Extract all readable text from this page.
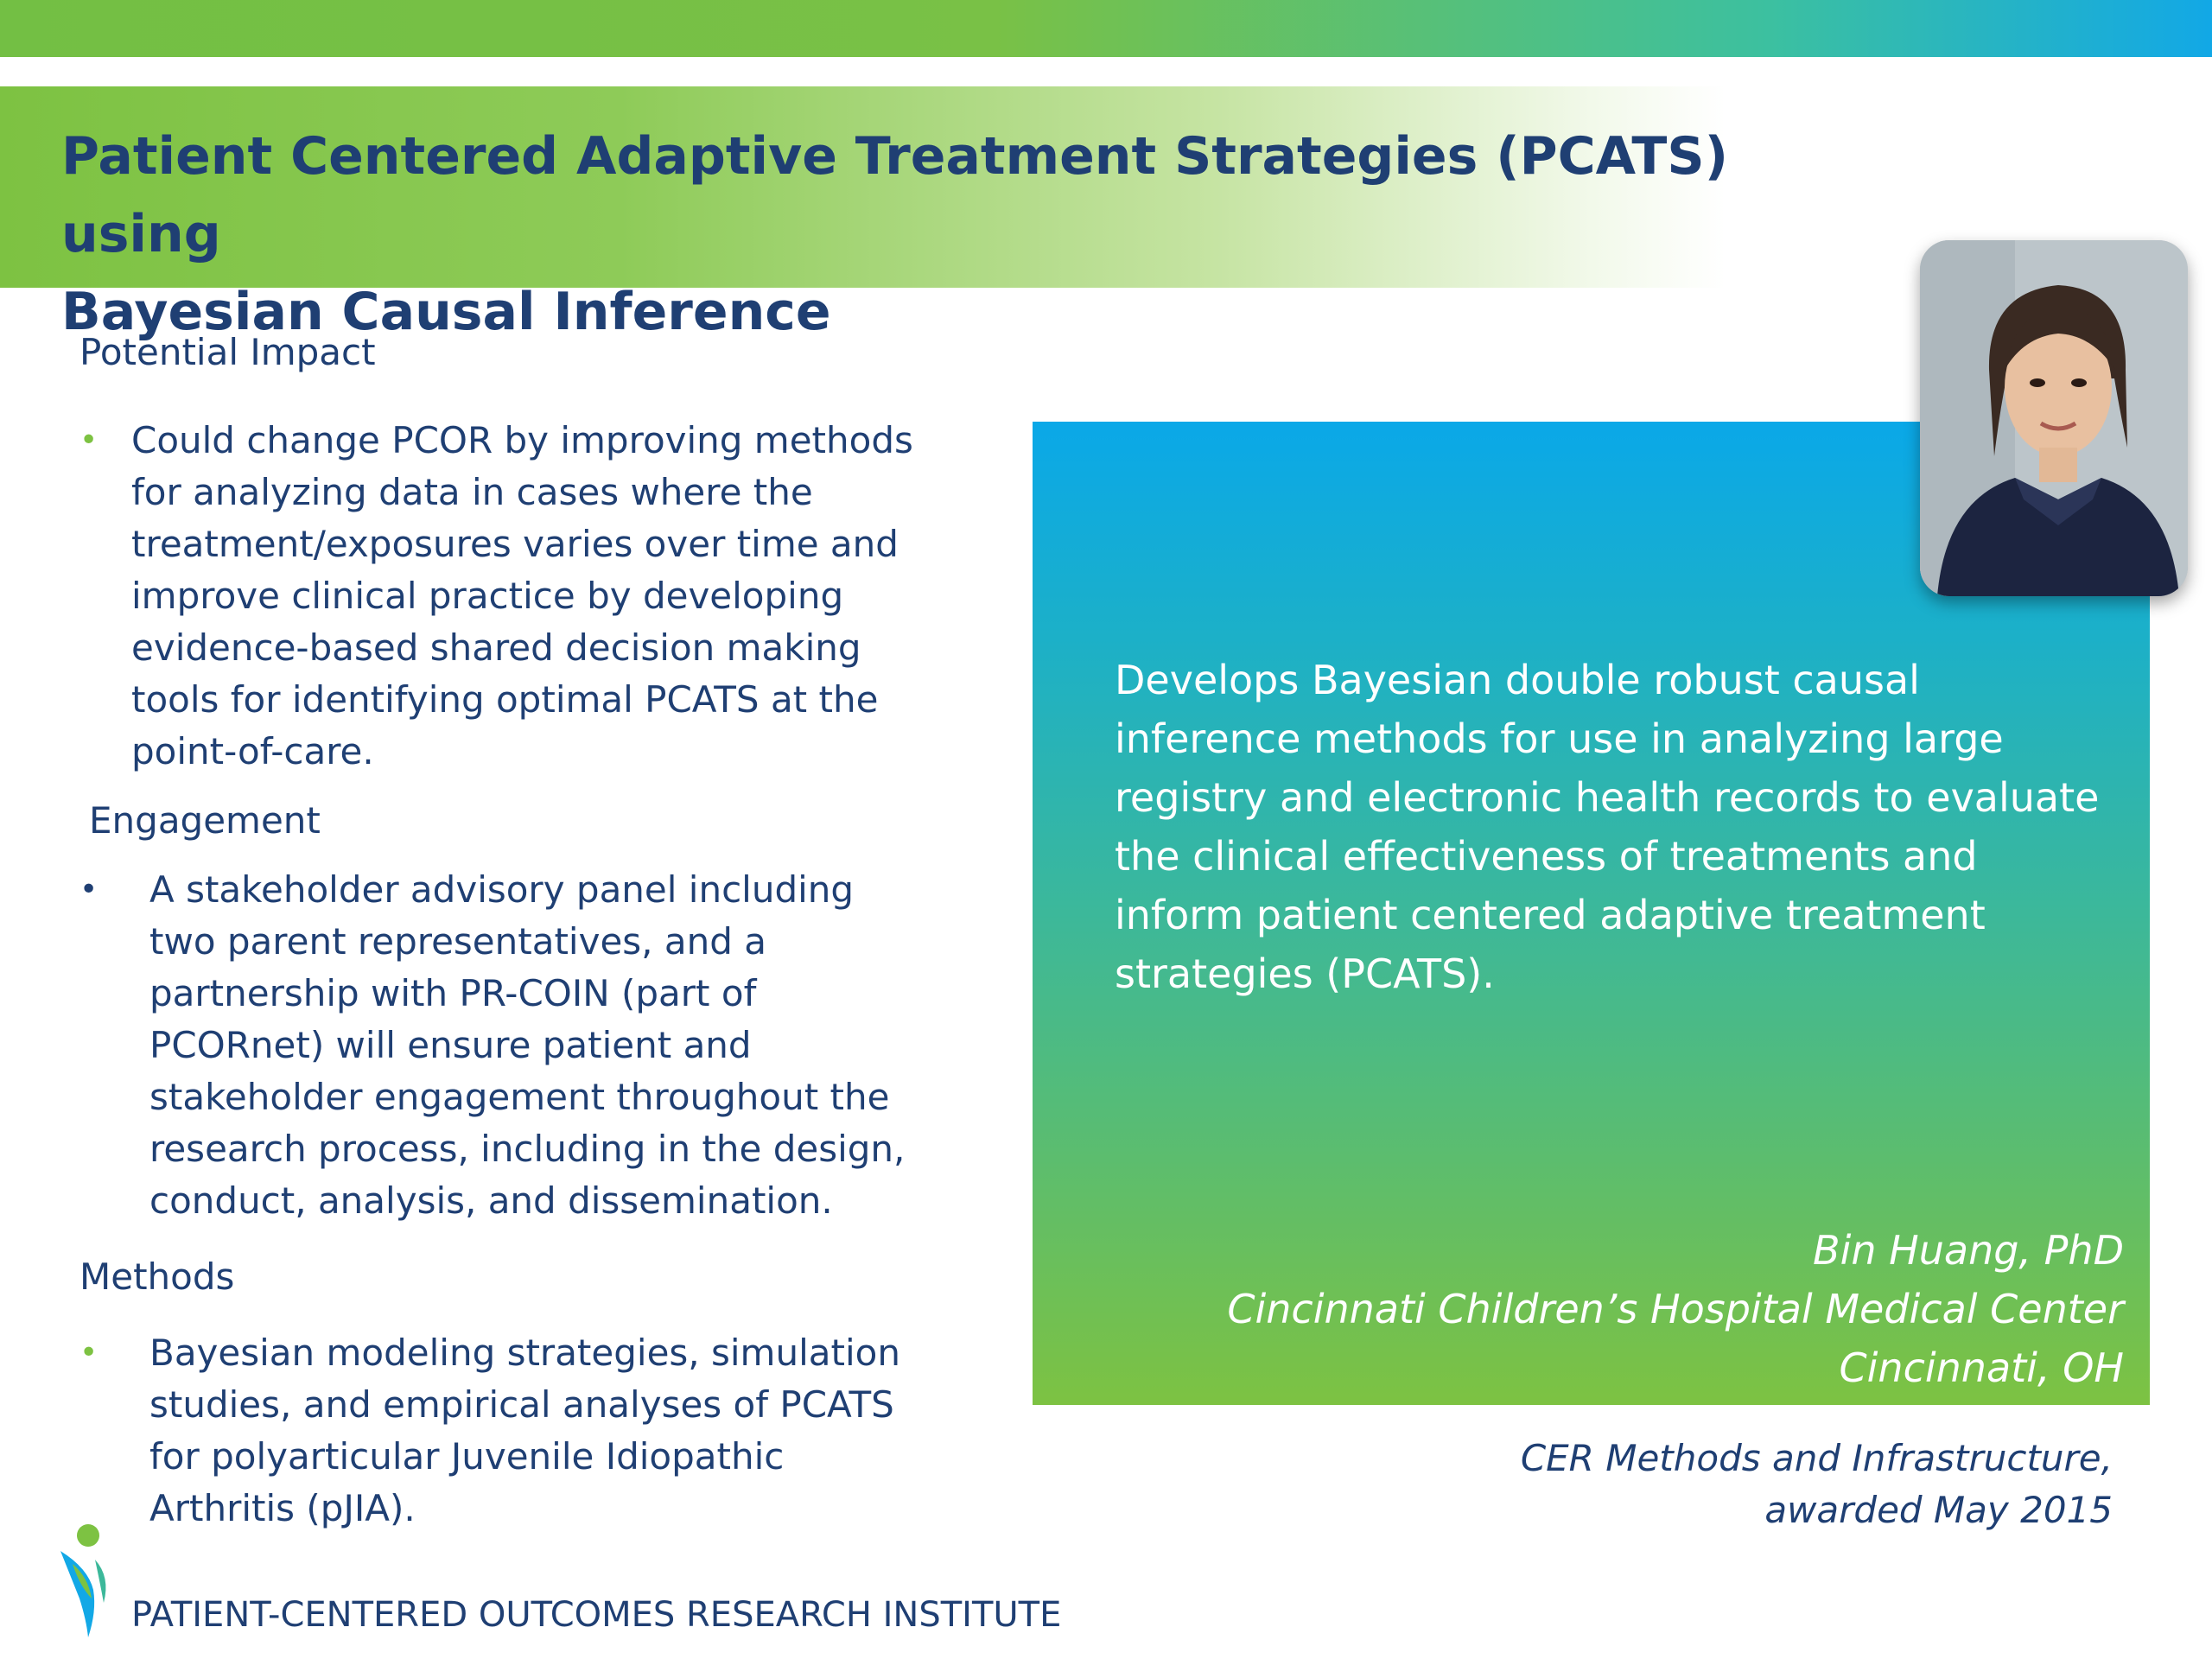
Patient Centered Adaptive Treatment Strategies (PCATS) using
Bayesian Causal Inference
Potential Impact
• Could change PCOR by improving methods for analyzing data in cases where the treatment/exposures varies over time and improve clinical practice by developing evidence-based shared decision making tools for identifying optimal PCATS at the point-of-care.
Engagement
• A stakeholder advisory panel including two parent representatives, and a partnership with PR-COIN (part of PCORnet) will ensure patient and stakeholder engagement throughout the research process, including in the design, conduct, analysis, and dissemination.
Methods
• Bayesian modeling strategies, simulation studies, and empirical analyses of PCATS for polyarticular Juvenile Idiopathic Arthritis (pJIA).
Develops Bayesian double robust causal inference methods for use in analyzing large registry and electronic health records to evaluate the clinical effectiveness of treatments and inform patient centered adaptive treatment strategies (PCATS).
Bin Huang, PhD
Cincinnati Children’s Hospital Medical Center
Cincinnati, OH
CER Methods and Infrastructure,
awarded May 2015
PATIENT-CENTERED OUTCOMES RESEARCH INSTITUTE
